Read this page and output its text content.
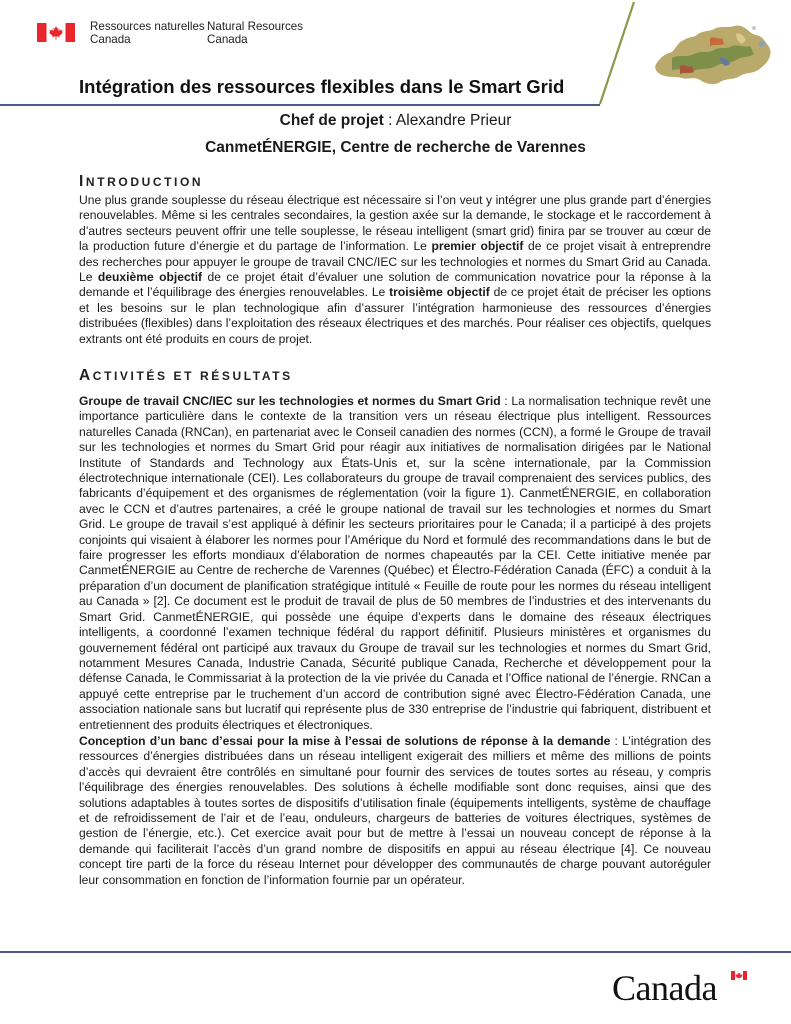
Ressources naturelles
Canada
Natural Resources
Canada
Intégration des ressources flexibles dans le Smart Grid
Chef de projet : Alexandre Prieur
CanmetÉNERGIE, Centre de recherche de Varennes
INTRODUCTION

Une plus grande souplesse du réseau électrique est nécessaire si l’on veut y intégrer une plus grande part d’énergies renouvelables. Même si les centrales secondaires, la gestion axée sur la demande, le stockage et le raccordement à d’autres secteurs peuvent offrir une telle souplesse, le réseau intelligent (smart grid) finira par se trouver au cœur de la production future d’énergie et du partage de l’information. Le premier objectif de ce projet visait à entreprendre des recherches pour appuyer le groupe de travail CNC/IEC sur les technologies et normes du Smart Grid au Canada. Le deuxième objectif de ce projet était d’évaluer une solution de communication novatrice pour la réponse à la demande et l’équilibrage des énergies renouvelables. Le troisième objectif de ce projet était de préciser les options et les besoins sur le plan technologique afin d’assurer l’intégration harmonieuse des ressources d’énergies distribuées (flexibles) dans l’exploitation des réseaux électriques et des marchés. Pour réaliser ces objectifs, quelques extrants ont été produits en cours de projet.

ACTIVITÉS ET RÉSULTATS

Groupe de travail CNC/IEC sur les technologies et normes du Smart Grid : La normalisation technique revêt une importance particulière dans le contexte de la transition vers un réseau électrique plus intelligent. Ressources naturelles Canada (RNCan), en partenariat avec le Conseil canadien des normes (CCN), a formé le Groupe de travail sur les technologies et normes du Smart Grid pour réagir aux initiatives de normalisation dirigées par le National Institute of Standards and Technology aux États-Unis et, sur la scène internationale, par la Commission électrotechnique internationale (CEI). Les collaborateurs du groupe de travail comprenaient des services publics, des fabricants d’équipement et des organismes de réglementation (voir la figure 1). CanmetÉNERGIE, en collaboration avec le CCN et d’autres partenaires, a créé le groupe national de travail sur les technologies et normes du Smart Grid. Le groupe de travail s’est appliqué à définir les secteurs prioritaires pour le Canada; il a participé à des projets conjoints qui visaient à élaborer les normes pour l’Amérique du Nord et formulé des recommandations dans le but de faire progresser les efforts mondiaux d’élaboration de normes chapeautés par la CEI. Cette initiative menée par CanmetÉNERGIE au Centre de recherche de Varennes (Québec) et Électro-Fédération Canada (ÉFC) a conduit à la préparation d’un document de planification stratégique intitulé « Feuille de route pour les normes du réseau intelligent au Canada » [2]. Ce document est le produit de travail de plus de 50 membres de l’industries et des intervenants du Smart Grid. CanmetÉNERGIE, qui possède une équipe d’experts dans le domaine des réseaux électriques intelligents, a coordonné l’examen technique fédéral du rapport définitif. Plusieurs ministères et organismes du gouvernement fédéral ont participé aux travaux du Groupe de travail sur les technologies et normes du Smart Grid, notamment Mesures Canada, Industrie Canada, Sécurité publique Canada, Recherche et développement pour la défense Canada, le Commissariat à la protection de la vie privée du Canada et l’Office national de l’énergie. RNCan a appuyé cette entreprise par le truchement d’un accord de contribution signé avec Électro-Fédération Canada, une association nationale sans but lucratif qui représente plus de 330 entreprise de l’industrie qui fabriquent, distribuent et entretiennent des produits électriques et électroniques.

Conception d’un banc d’essai pour la mise à l’essai de solutions de réponse à la demande : L’intégration des ressources d’énergies distribuées dans un réseau intelligent exigerait des milliers et même des millions de points d’accès qui devraient être contrôlés en simultané pour fournir des services de toutes sortes au réseau, y compris l’équilibrage des énergies renouvelables. Des solutions à échelle modifiable sont donc requises, ainsi que des solutions adaptables à toutes sortes de dispositifs d’utilisation finale (équipements intelligents, système de chauffage et de refroidissement de l’air et de l’eau, onduleurs, chargeurs de batteries de voitures électriques, systèmes de gestion de l’énergie, etc.). Cet exercice avait pour but de mettre à l’essai un nouveau concept de réponse à la demande qui faciliterait l’accès d’un grand nombre de dispositifs en appui au réseau électrique [4]. Ce nouveau concept tire parti de la force du réseau Internet pour développer des communautés de charge pouvant autoréguler leur consommation en fonction de l’information fournie par un opérateur.

Canada
